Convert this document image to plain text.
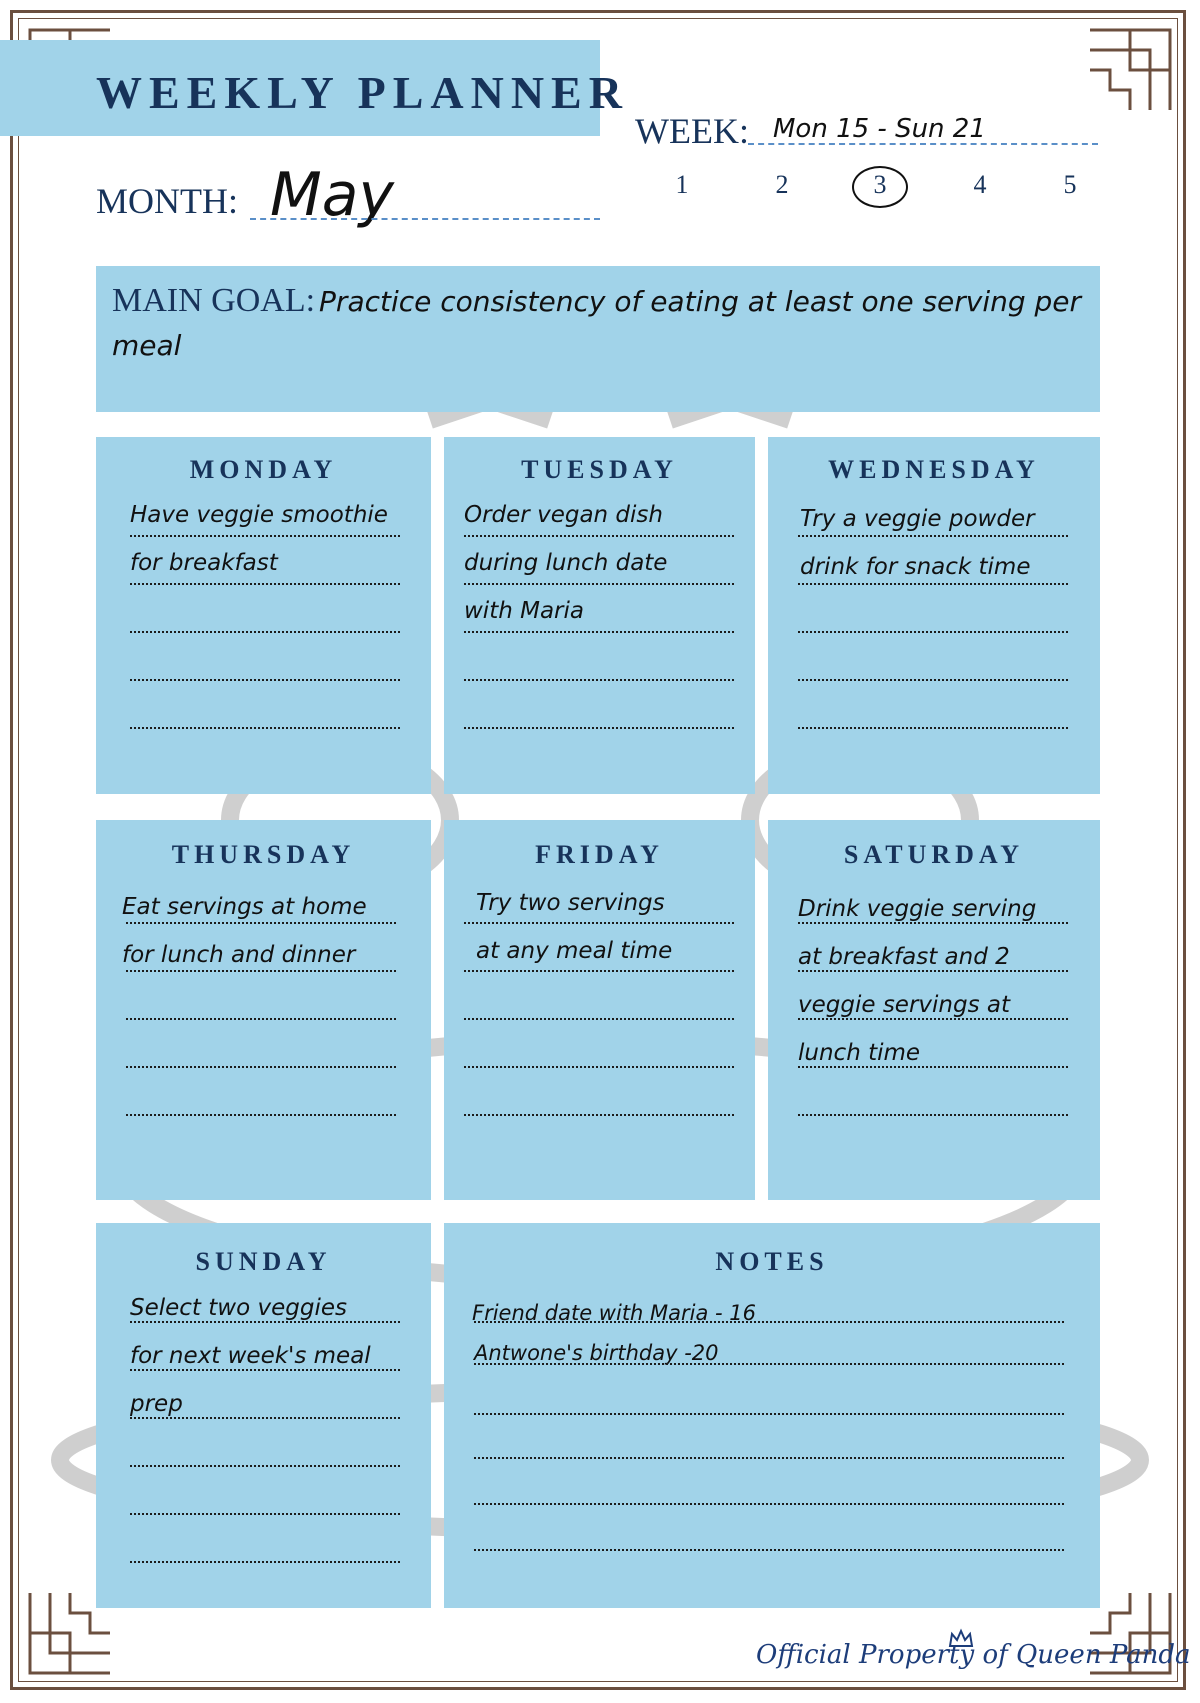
WEEKLY PLANNER
MONTH: May
WEEK: Mon 15 - Sun 21
1	2	3	4	5
MAIN GOAL: Practice consistency of eating at least one serving per meal
MONDAY
Have veggie smoothie
for breakfast
TUESDAY
Order vegan dish
during lunch date
with Maria
WEDNESDAY
Try a veggie powder
drink for snack time
THURSDAY
Eat servings at home
for lunch and dinner
FRIDAY
Try two servings
at any meal time
SATURDAY
Drink veggie serving
at breakfast and 2
veggie servings at
lunch time
SUNDAY
Select two veggies
for next week's meal
prep
NOTES
Friend date with Maria - 16
Antwone's birthday -20
Official Property of Queen Panda
